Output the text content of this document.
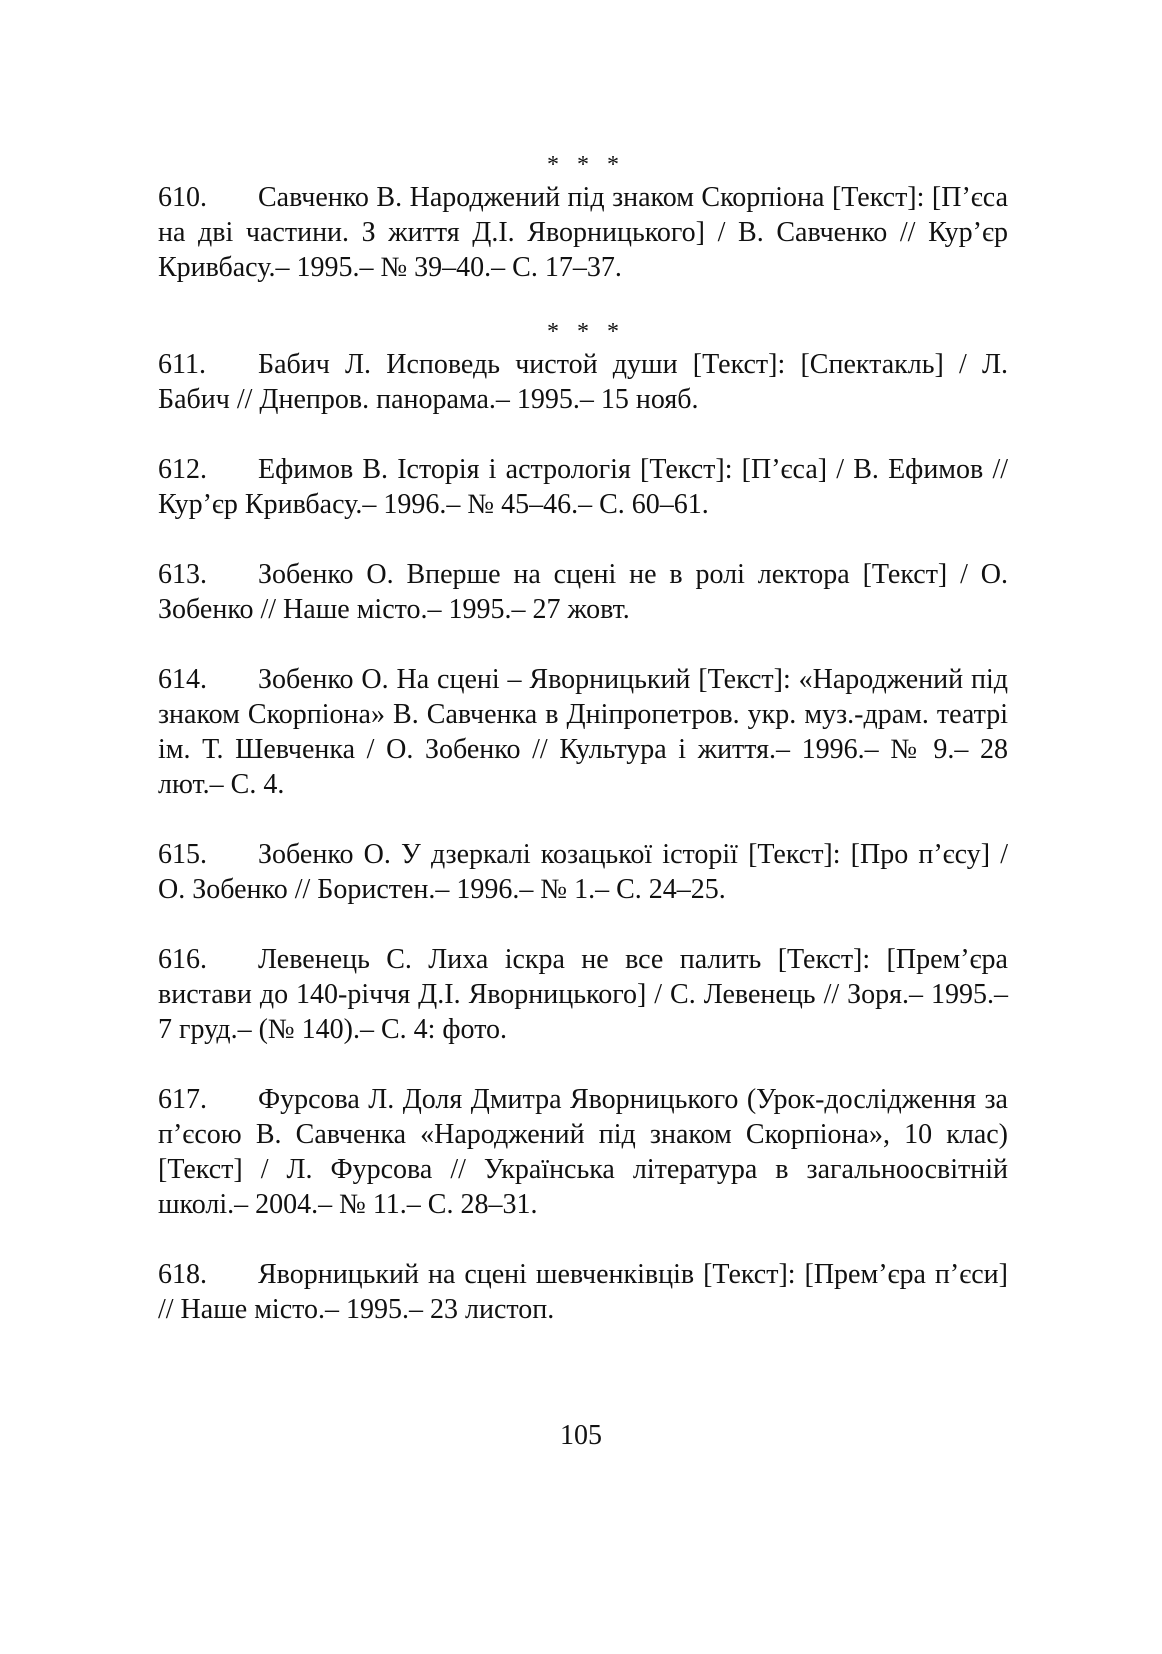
* * *
610. Савченко В. Народжений під знаком Скорпіона [Текст]: [П’єса на дві частини. З життя Д.І. Яворницького] / В. Савченко // Кур’єр Кривбасу.– 1995.– № 39–40.– С. 17–37.
* * *
611. Бабич Л. Исповедь чистой души [Текст]: [Спектакль] / Л. Бабич // Днепров. панорама.– 1995.– 15 нояб.
612. Ефимов В. Історія і астрологія [Текст]: [П’єса] / В. Ефимов // Кур’єр Кривбасу.– 1996.– № 45–46.– С. 60–61.
613. Зобенко О. Вперше на сцені не в ролі лектора [Текст] / О. Зобенко // Наше місто.– 1995.– 27 жовт.
614. Зобенко О. На сцені – Яворницький [Текст]: «Народжений під знаком Скорпіона» В. Савченка в Дніпропетров. укр. муз.-драм. театрі ім. Т. Шевченка / О. Зобенко // Культура і життя.– 1996.– № 9.– 28 лют.– С. 4.
615. Зобенко О. У дзеркалі козацької історії [Текст]: [Про п’єсу] / О. Зобенко // Бористен.– 1996.– № 1.– С. 24–25.
616. Левенець С. Лиха іскра не все палить [Текст]: [Прем’єра вистави до 140-річчя Д.І. Яворницького] / С. Левенець // Зоря.– 1995.– 7 груд.– (№ 140).– С. 4: фото.
617. Фурсова Л. Доля Дмитра Яворницького (Урок-дослідження за п’єсою В. Савченка «Народжений під знаком Скорпіона», 10 клас) [Текст] / Л. Фурсова // Українська література в загальноосвітній школі.– 2004.– № 11.– С. 28–31.
618. Яворницький на сцені шевченківців [Текст]: [Прем’єра п’єси] // Наше місто.– 1995.– 23 листоп.
105
